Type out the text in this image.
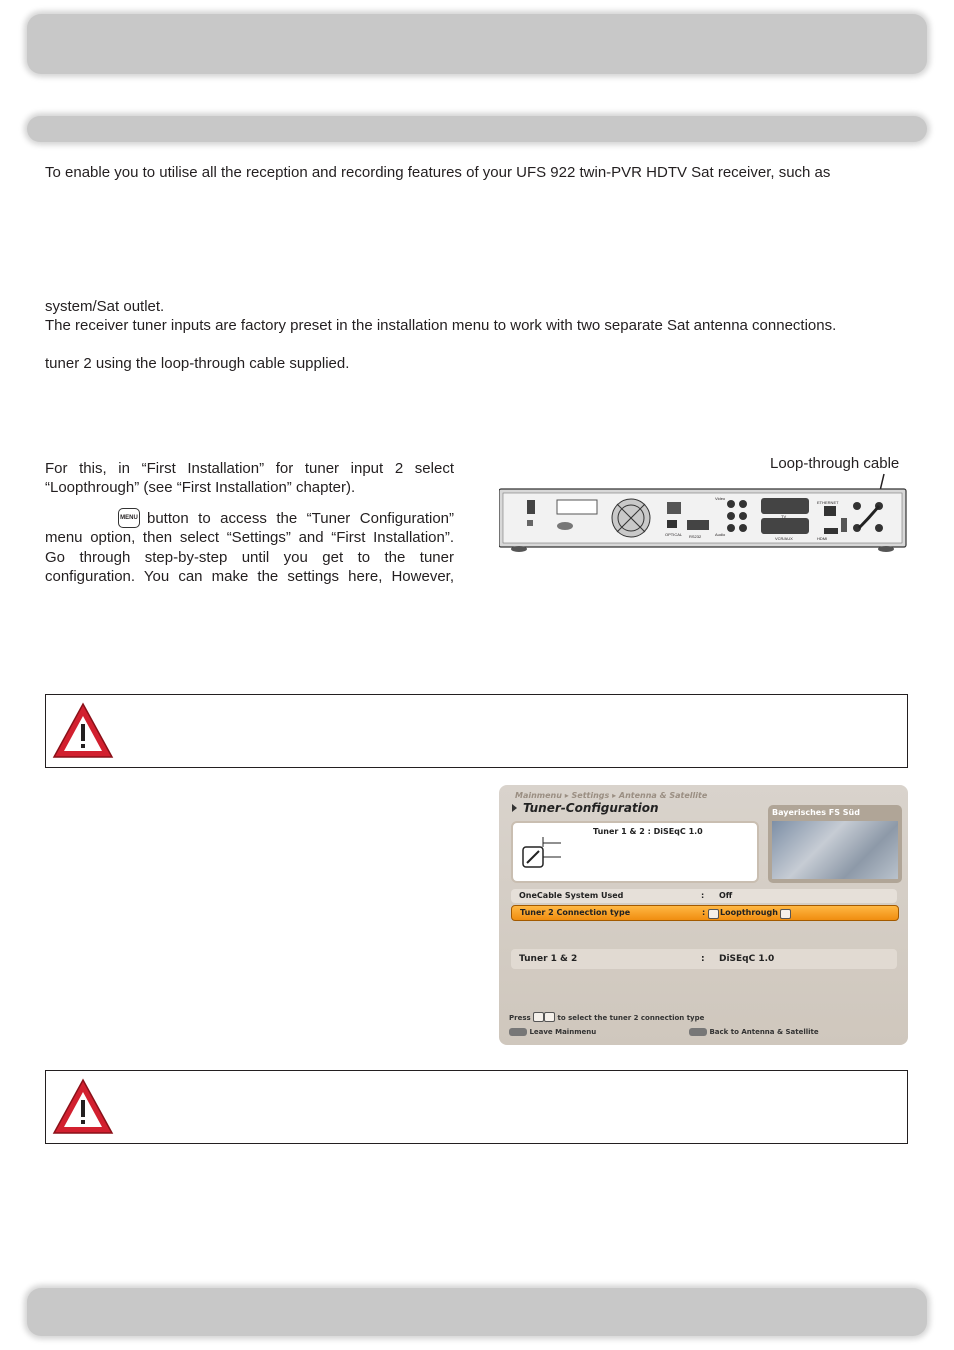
To enable you to utilise all the reception and recording features of your UFS 922 twin-PVR HDTV Sat receiver, such as

system/Sat outlet.

The receiver tuner inputs are factory preset in the installation menu to work with two separate Sat antenna connections.

tuner 2 using the loop-through cable supplied.

For this, in “First Installation” for tuner input 2 select

“Loopthrough” (see “First Installation” chapter).

MENU button to access the “Tuner Configuration”

menu option, then select “Settings” and “First Installation”.

Go through step-by-step until you get to the tuner

configuration. You can make the settings here, However,

Loop-through cable

Video
Audio
TV
ETHERNET
HDMI
OPTICAL RS232	VCR/AUX
Mainmenu ▸ Settings ▸ Antenna & Satellite
Tuner-Configuration
Tuner 1 & 2 : DiSEqC 1.0
Bayerisches FS Süd
OneCable System Used	: Off
Tuner 2 Connection type	: Loopthrough
Tuner 1 & 2	: DiSEqC 1.0
Press	to select the tuner 2 connection type
Leave Mainmenu	Back to Antenna & Satellite
